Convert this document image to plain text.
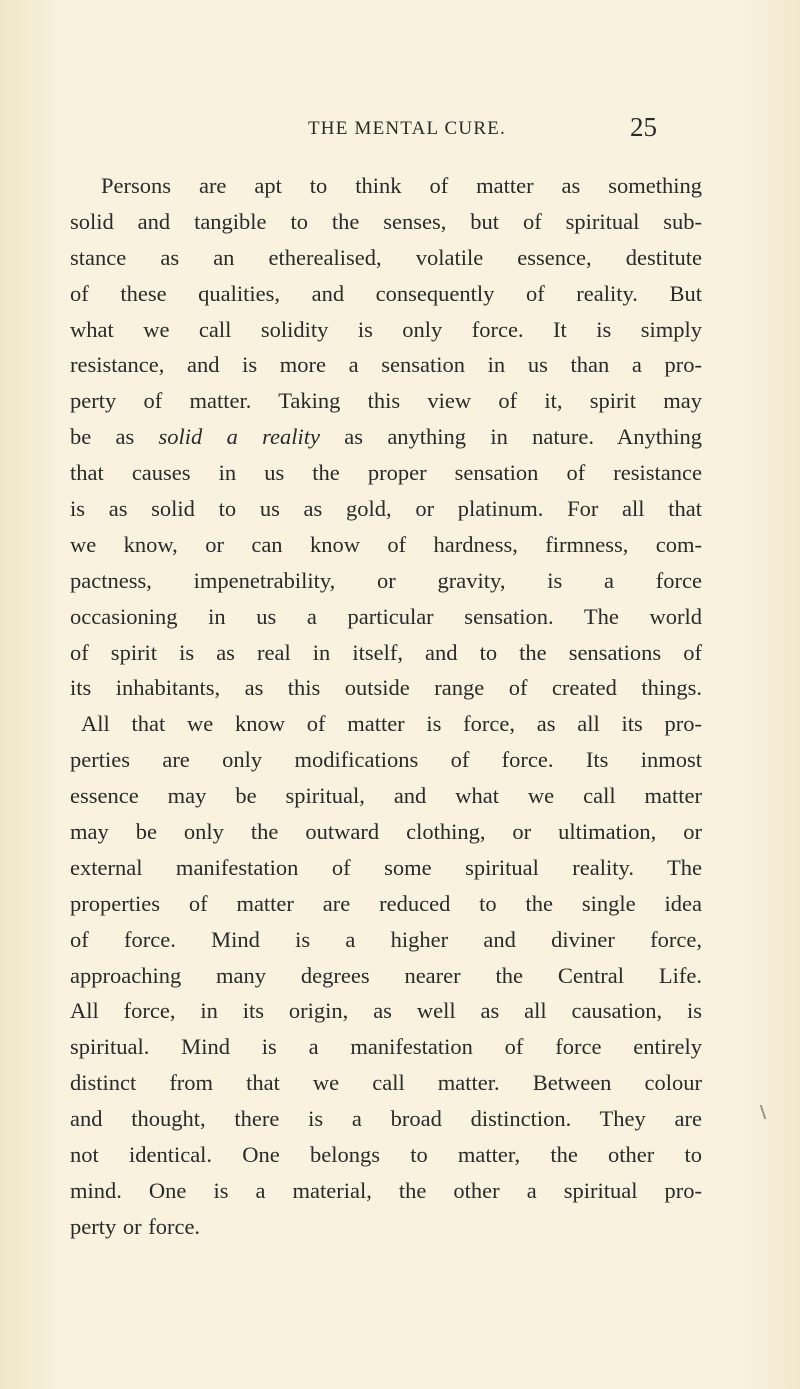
THE MENTAL CURE.	25
Persons are apt to think of matter as something
solid and tangible to the senses, but of spiritual sub-
stance as an etherealised, volatile essence, destitute
of these qualities, and consequently of reality. But
what we call solidity is only force. It is simply
resistance, and is more a sensation in us than a pro-
perty of matter. Taking this view of it, spirit may
be as solid a reality as anything in nature. Anything
that causes in us the proper sensation of resistance
is as solid to us as gold, or platinum. For all that
we know, or can know of hardness, firmness, com-
pactness, impenetrability, or gravity, is a force
occasioning in us a particular sensation. The world
of spirit is as real in itself, and to the sensations of
its inhabitants, as this outside range of created things.
All that we know of matter is force, as all its pro-
perties are only modifications of force. Its inmost
essence may be spiritual, and what we call matter
may be only the outward clothing, or ultimation, or
external manifestation of some spiritual reality. The
properties of matter are reduced to the single idea
of force. Mind is a higher and diviner force,
approaching many degrees nearer the Central Life.
All force, in its origin, as well as all causation, is
spiritual. Mind is a manifestation of force entirely
distinct from that we call matter. Between colour
and thought, there is a broad distinction. They are
not identical. One belongs to matter, the other to
mind. One is a material, the other a spiritual pro-
perty or force.
